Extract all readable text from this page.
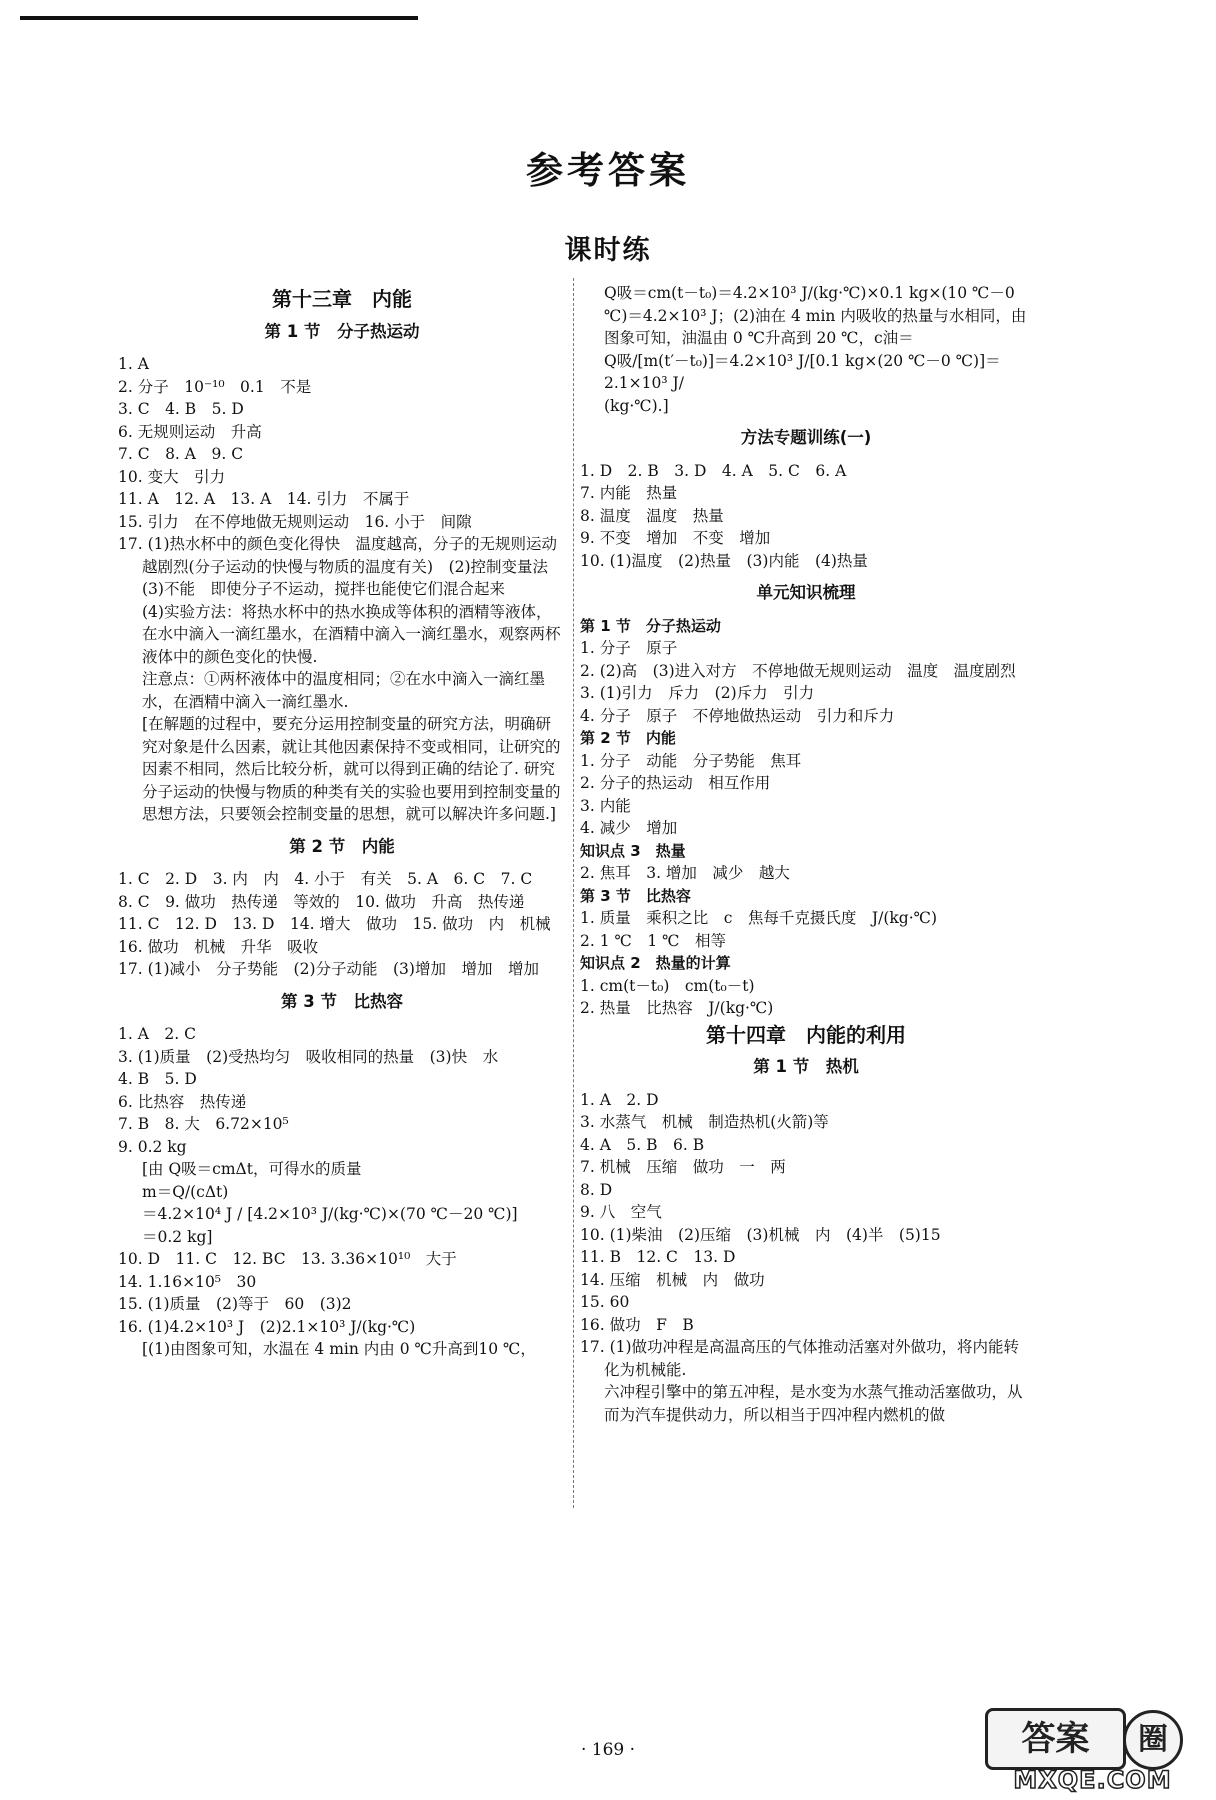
参考答案
课时练
第十三章　内能
第 1 节　分子热运动
1. A
2. 分子　10⁻¹⁰　0.1　不是
3. C　4. B　5. D
6. 无规则运动　升高
7. C　8. A　9. C
10. 变大　引力
11. A　12. A　13. A　14. 引力　不属于
15. 引力　在不停地做无规则运动　16. 小于　间隙
17. (1)热水杯中的颜色变化得快　温度越高，分子的无规则运动越剧烈(分子运动的快慢与物质的温度有关)　(2)控制变量法
(3)不能　即使分子不运动，搅拌也能使它们混合起来
(4)实验方法：将热水杯中的热水换成等体积的酒精等液体，在水中滴入一滴红墨水，在酒精中滴入一滴红墨水，观察两杯液体中的颜色变化的快慢.
注意点：①两杯液体中的温度相同；②在水中滴入一滴红墨水，在酒精中滴入一滴红墨水.
[在解题的过程中，要充分运用控制变量的研究方法，明确研究对象是什么因素，就让其他因素保持不变或相同，让研究的因素不相同，然后比较分析，就可以得到正确的结论了. 研究分子运动的快慢与物质的种类有关的实验也要用到控制变量的思想方法，只要领会控制变量的思想，就可以解决许多问题.]
第 2 节　内能
1. C　2. D　3. 内　内　4. 小于　有关　5. A　6. C　7. C
8. C　9. 做功　热传递　等效的　10. 做功　升高　热传递
11. C　12. D　13. D　14. 增大　做功　15. 做功　内　机械
16. 做功　机械　升华　吸收
17. (1)减小　分子势能　(2)分子动能　(3)增加　增加　增加
第 3 节　比热容
1. A　2. C
3. (1)质量　(2)受热均匀　吸收相同的热量　(3)快　水
4. B　5. D
6. 比热容　热传递
7. B　8. 大　6.72×10⁵
9. 0.2 kg
[由 Q吸＝cmΔt，可得水的质量
m＝Q/(cΔt)
＝4.2×10⁴ J / [4.2×10³ J/(kg·℃)×(70 ℃－20 ℃)]
＝0.2 kg]
10. D　11. C　12. BC　13. 3.36×10¹⁰　大于
14. 1.16×10⁵　30
15. (1)质量　(2)等于　60　(3)2
16. (1)4.2×10³ J　(2)2.1×10³ J/(kg·℃)
[(1)由图象可知，水温在 4 min 内由 0 ℃升高到10 ℃，
Q吸＝cm(t－t₀)＝4.2×10³ J/(kg·℃)×0.1 kg×(10 ℃－0 ℃)＝4.2×10³ J；(2)油在 4 min 内吸收的热量与水相同，由图象可知，油温由 0 ℃升高到 20 ℃，c油＝
Q吸/[m(t′－t₀)]＝4.2×10³ J/[0.1 kg×(20 ℃－0 ℃)]＝2.1×10³ J/
(kg·℃).]
方法专题训练(一)
1. D　2. B　3. D　4. A　5. C　6. A
7. 内能　热量
8. 温度　温度　热量
9. 不变　增加　不变　增加
10. (1)温度　(2)热量　(3)内能　(4)热量
单元知识梳理
第 1 节　分子热运动
1. 分子　原子
2. (2)高　(3)进入对方　不停地做无规则运动　温度　温度剧烈
3. (1)引力　斥力　(2)斥力　引力
4. 分子　原子　不停地做热运动　引力和斥力
第 2 节　内能
1. 分子　动能　分子势能　焦耳
2. 分子的热运动　相互作用
3. 内能
4. 减少　增加
知识点 3　热量
2. 焦耳　3. 增加　减少　越大
第 3 节　比热容
1. 质量　乘积之比　c　焦每千克摄氏度　J/(kg·℃)
2. 1 ℃　1 ℃　相等
知识点 2　热量的计算
1. cm(t－t₀)　cm(t₀－t)
2. 热量　比热容　J/(kg·℃)
第十四章　内能的利用
第 1 节　热机
1. A　2. D
3. 水蒸气　机械　制造热机(火箭)等
4. A　5. B　6. B
7. 机械　压缩　做功　一　两
8. D
9. 八　空气
10. (1)柴油　(2)压缩　(3)机械　内　(4)半　(5)15
11. B　12. C　13. D
14. 压缩　机械　内　做功
15. 60
16. 做功　F　B
17. (1)做功冲程是高温高压的气体推动活塞对外做功，将内能转化为机械能.
六冲程引擎中的第五冲程，是水变为水蒸气推动活塞做功，从而为汽车提供动力，所以相当于四冲程内燃机的做
· 169 ·	答案	圈
MXQE.COM
